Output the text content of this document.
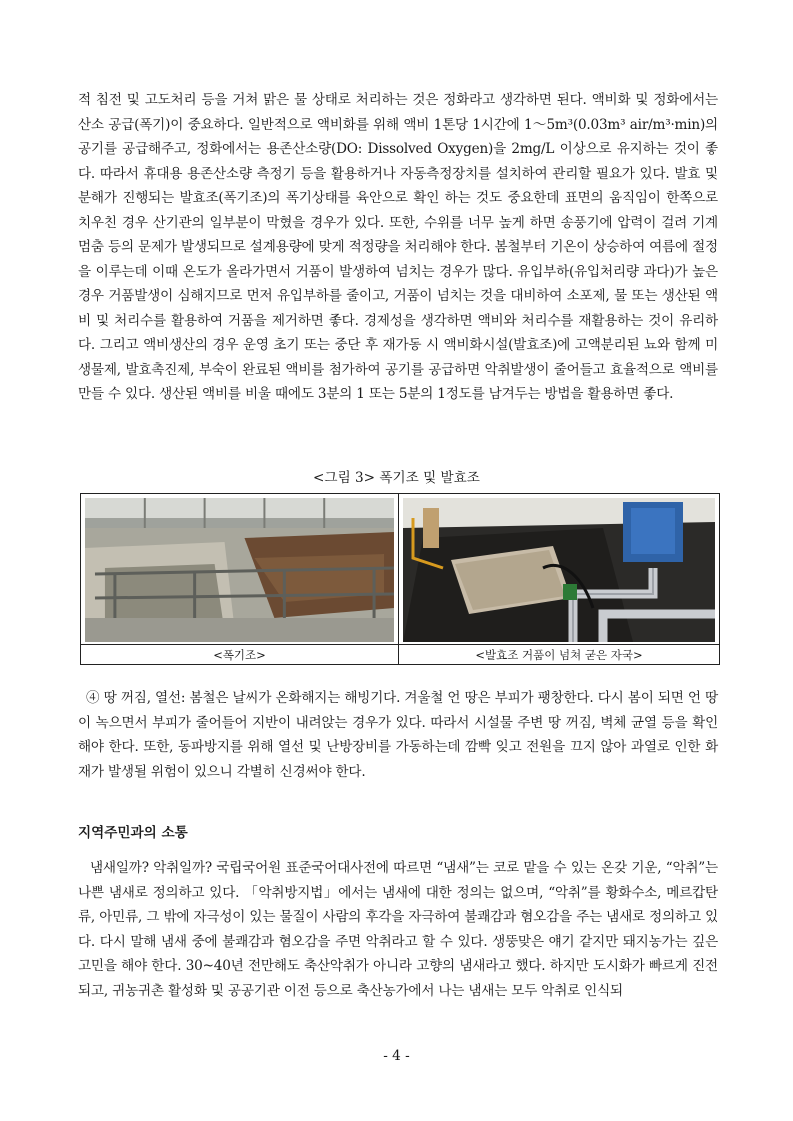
적 침전 및 고도처리 등을 거쳐 맑은 물 상태로 처리하는 것은 정화라고 생각하면 된다. 액비화 및 정화에서는 산소 공급(폭기)이 중요하다. 일반적으로 액비화를 위해 액비 1톤당 1시간에 1～5m³(0.03m³ air/m³·min)의 공기를 공급해주고, 정화에서는 용존산소량(DO: Dissolved Oxygen)을 2mg/L 이상으로 유지하는 것이 좋다. 따라서 휴대용 용존산소량 측정기 등을 활용하거나 자동측정장치를 설치하여 관리할 필요가 있다. 발효 및 분해가 진행되는 발효조(폭기조)의 폭기상태를 육안으로 확인 하는 것도 중요한데 표면의 움직임이 한쪽으로 치우친 경우 산기관의 일부분이 막혔을 경우가 있다. 또한, 수위를 너무 높게 하면 송풍기에 압력이 걸려 기계 멈춤 등의 문제가 발생되므로 설계용량에 맞게 적정량을 처리해야 한다. 봄철부터 기온이 상승하여 여름에 절정을 이루는데 이때 온도가 올라가면서 거품이 발생하여 넘치는 경우가 많다. 유입부하(유입처리량 과다)가 높은 경우 거품발생이 심해지므로 먼저 유입부하를 줄이고, 거품이 넘치는 것을 대비하여 소포제, 물 또는 생산된 액비 및 처리수를 활용하여 거품을 제거하면 좋다. 경제성을 생각하면 액비와 처리수를 재활용하는 것이 유리하다. 그리고 액비생산의 경우 운영 초기 또는 중단 후 재가동 시 액비화시설(발효조)에 고액분리된 뇨와 함께 미생물제, 발효촉진제, 부숙이 완료된 액비를 첨가하여 공기를 공급하면 악취발생이 줄어들고 효율적으로 액비를 만들 수 있다. 생산된 액비를 비울 때에도 3분의 1 또는 5분의 1정도를 남겨두는 방법을 활용하면 좋다.

<그림 3> 폭기조 및 발효조

<폭기조>	<발효조 거품이 넘쳐 굳은 자국>

④ 땅 꺼짐, 열선: 봄철은 날씨가 온화해지는 해빙기다. 겨울철 언 땅은 부피가 팽창한다. 다시 봄이 되면 언 땅이 녹으면서 부피가 줄어들어 지반이 내려앉는 경우가 있다. 따라서 시설물 주변 땅 꺼짐, 벽체 균열 등을 확인해야 한다. 또한, 동파방지를 위해 열선 및 난방장비를 가동하는데 깜빡 잊고 전원을 끄지 않아 과열로 인한 화재가 발생될 위험이 있으니 각별히 신경써야 한다.

지역주민과의 소통

냄새일까? 악취일까? 국립국어원 표준국어대사전에 따르면 “냄새”는 코로 맡을 수 있는 온갖 기운, “악취”는 나쁜 냄새로 정의하고 있다. 「악취방지법」에서는 냄새에 대한 정의는 없으며, “악취”를 황화수소, 메르캅탄류, 아민류, 그 밖에 자극성이 있는 물질이 사람의 후각을 자극하여 불쾌감과 혐오감을 주는 냄새로 정의하고 있다. 다시 말해 냄새 중에 불쾌감과 혐오감을 주면 악취라고 할 수 있다. 생뚱맞은 얘기 같지만 돼지농가는 깊은 고민을 해야 한다. 30~40년 전만해도 축산악취가 아니라 고향의 냄새라고 했다. 하지만 도시화가 빠르게 진전되고, 귀농귀촌 활성화 및 공공기관 이전 등으로 축산농가에서 나는 냄새는 모두 악취로 인식되

- 4 -
